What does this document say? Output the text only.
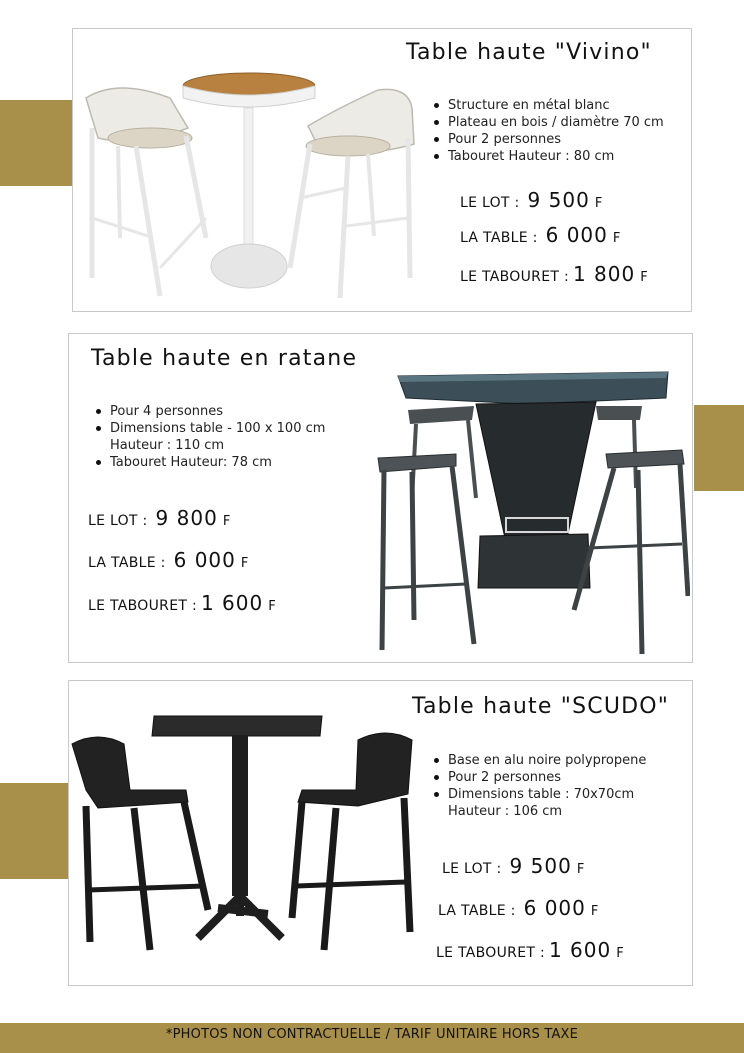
Table haute "Vivino"
Structure en métal blanc
Plateau en bois / diamètre 70 cm
Pour 2 personnes
Tabouret Hauteur : 80 cm
LE LOT : 9 500 F
LA TABLE : 6 000 F
LE TABOURET : 1 800 F
Table haute en ratane
Pour 4 personnes
Dimensions table - 100 x 100 cm
Hauteur : 110 cm
Tabouret Hauteur: 78 cm
LE LOT : 9 800 F
LA TABLE : 6 000 F
LE TABOURET : 1 600 F
Table haute "SCUDO"
Base en alu noire polypropene
Pour 2 personnes
Dimensions table : 70x70cm
Hauteur : 106 cm
LE LOT : 9 500 F
LA TABLE : 6 000 F
LE TABOURET : 1 600 F
*PHOTOS NON CONTRACTUELLE / TARIF UNITAIRE HORS TAXE
